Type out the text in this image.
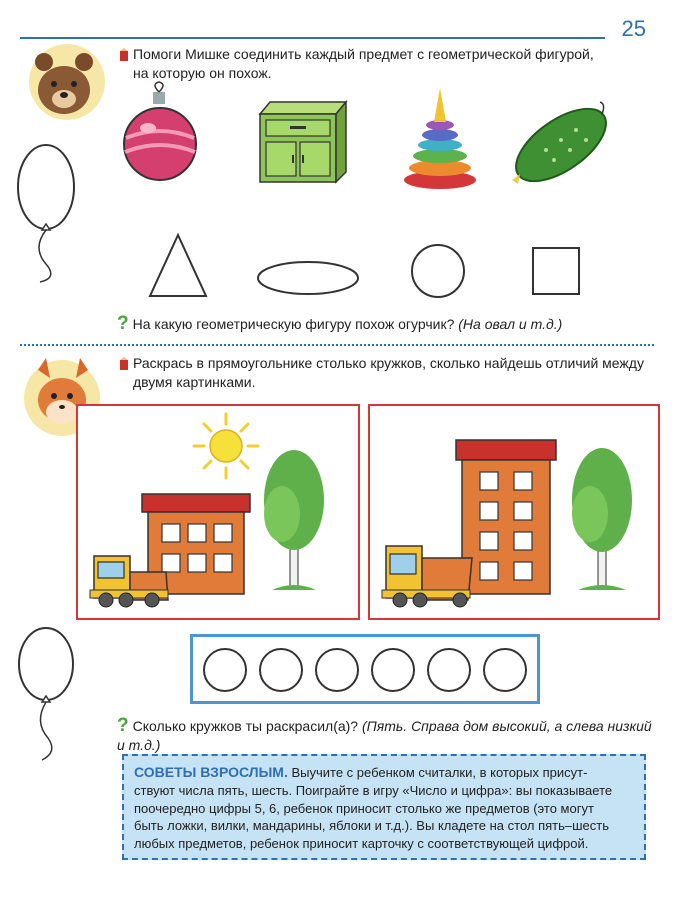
25
Помоги Мишке соединить каждый предмет с геометрической фигурой,
на которую он похож.
? На какую геометрическую фигуру похож огурчик? (На овал и т.д.)
Раскрась в прямоугольнике столько кружков, сколько найдешь отличий между
двумя картинками.
? Сколько кружков ты раскрасил(а)? (Пять. Справа дом высокий, а слева низкий
и т.д.)
СОВЕТЫ ВЗРОСЛЫМ. Выучите с ребенком считалки, в которых присут-
ствуют числа пять, шесть. Поиграйте в игру «Число и цифра»: вы показываете
поочередно цифры 5, 6, ребенок приносит столько же предметов (это могут
быть ложки, вилки, мандарины, яблоки и т.д.). Вы кладете на стол пять–шесть
любых предметов, ребенок приносит карточку с соответствующей цифрой.
